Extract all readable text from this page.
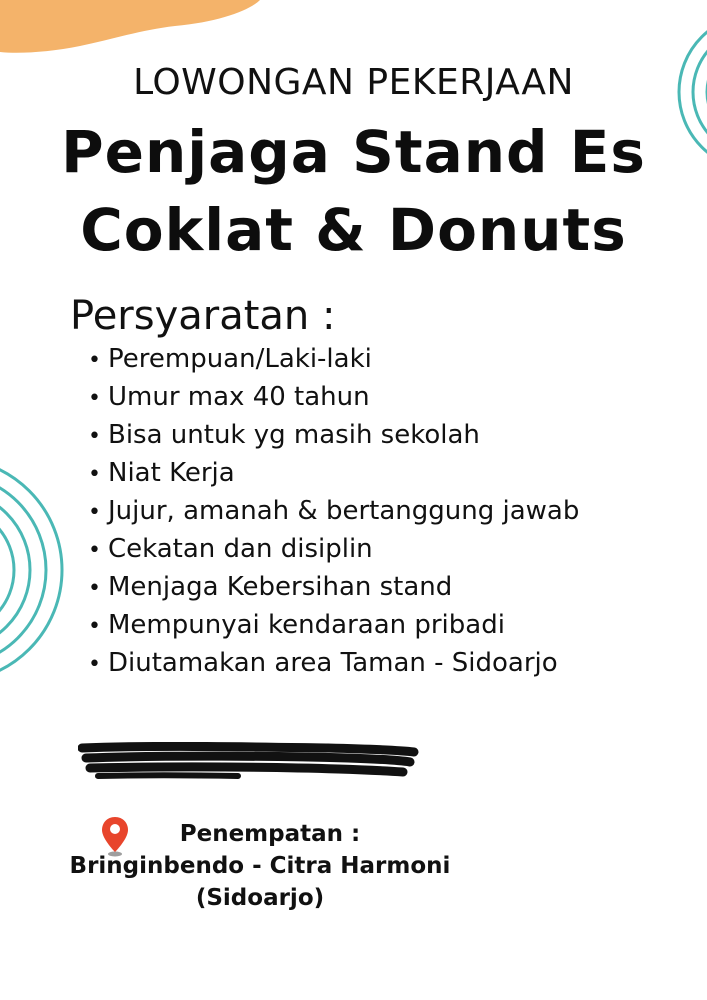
LOWONGAN PEKERJAAN
Penjaga Stand Es
Coklat & Donuts
Persyaratan :
• Perempuan/Laki-laki
• Umur max 40 tahun
• Bisa untuk yg masih sekolah
• Niat Kerja
• Jujur, amanah & bertanggung jawab
• Cekatan dan disiplin
• Menjaga Kebersihan stand
• Mempunyai kendaraan pribadi
• Diutamakan area Taman - Sidoarjo
Penempatan :
Bringinbendo - Citra Harmoni
(Sidoarjo)
